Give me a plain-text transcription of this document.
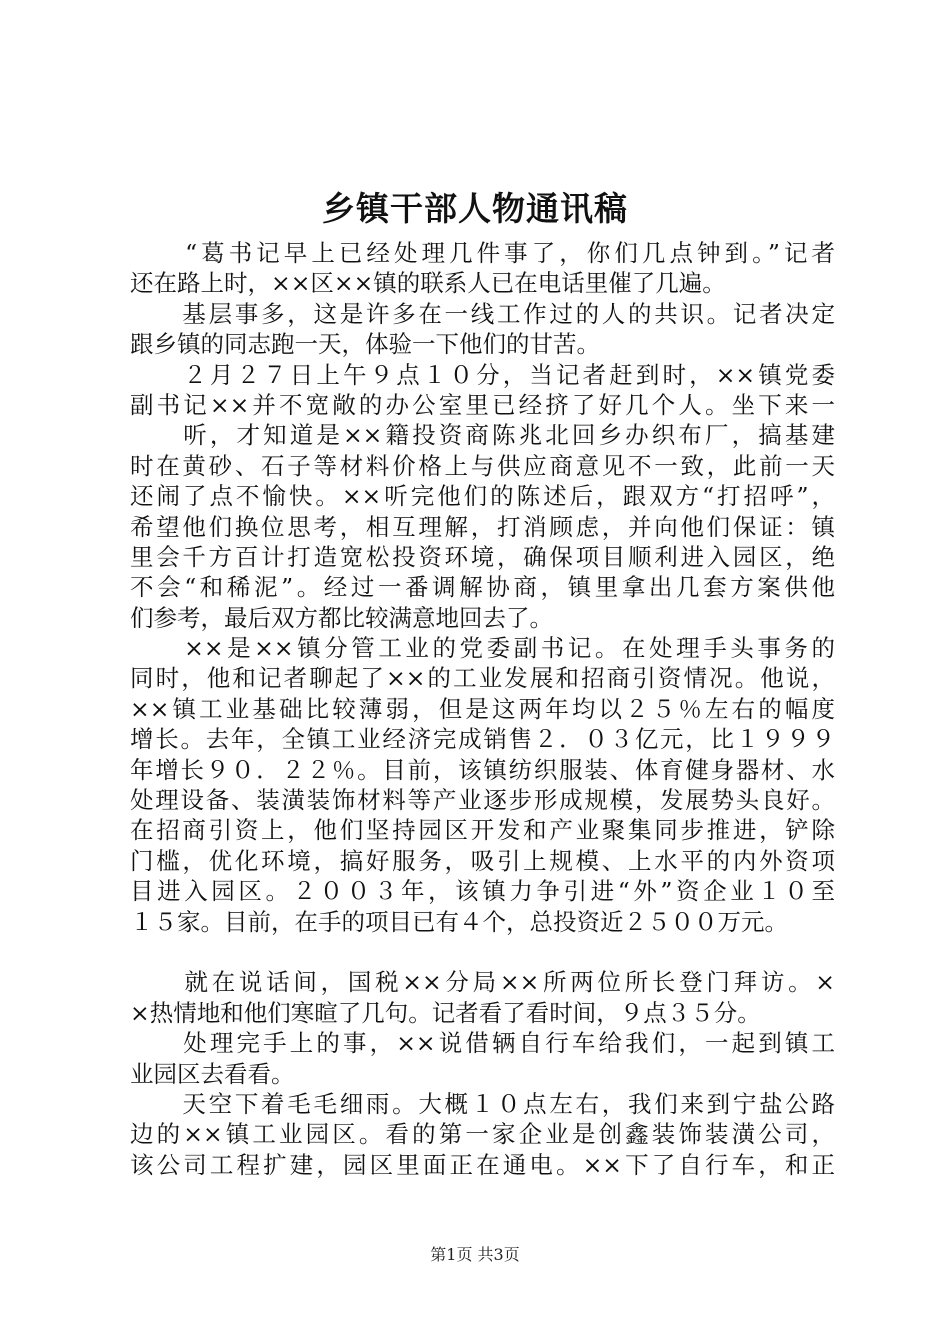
乡镇干部人物通讯稿
　　“葛书记早上已经处理几件事了，你们几点钟到。”记者
还在路上时，××区××镇的联系人已在电话里催了几遍。
　　基层事多，这是许多在一线工作过的人的共识。记者决定
跟乡镇的同志跑一天，体验一下他们的甘苦。
　　２月２７日上午９点１０分，当记者赶到时，××镇党委
副书记××并不宽敞的办公室里已经挤了好几个人。坐下来一
　　听，才知道是××籍投资商陈兆北回乡办织布厂，搞基建
时在黄砂、石子等材料价格上与供应商意见不一致，此前一天
还闹了点不愉快。××听完他们的陈述后，跟双方“打招呼”，
希望他们换位思考，相互理解，打消顾虑，并向他们保证：镇
里会千方百计打造宽松投资环境，确保项目顺利进入园区，绝
不会“和稀泥”。经过一番调解协商，镇里拿出几套方案供他
们参考，最后双方都比较满意地回去了。
　　××是××镇分管工业的党委副书记。在处理手头事务的
同时，他和记者聊起了××的工业发展和招商引资情况。他说，
××镇工业基础比较薄弱，但是这两年均以２５％左右的幅度
增长。去年，全镇工业经济完成销售２．０３亿元，比１９９９
年增长９０．２２％。目前，该镇纺织服装、体育健身器材、水
处理设备、装潢装饰材料等产业逐步形成规模，发展势头良好。
在招商引资上，他们坚持园区开发和产业聚集同步推进，铲除
门槛，优化环境，搞好服务，吸引上规模、上水平的内外资项
目进入园区。２００３年，该镇力争引进“外”资企业１０至
１５家。目前，在手的项目已有４个，总投资近２５００万元。
　　就在说话间，国税××分局××所两位所长登门拜访。×
×热情地和他们寒暄了几句。记者看了看时间，９点３５分。
　　处理完手上的事，××说借辆自行车给我们，一起到镇工
业园区去看看。
　　天空下着毛毛细雨。大概１０点左右，我们来到宁盐公路
边的××镇工业园区。看的第一家企业是创鑫装饰装潢公司，
该公司工程扩建，园区里面正在通电。××下了自行车，和正
第1页 共3页
